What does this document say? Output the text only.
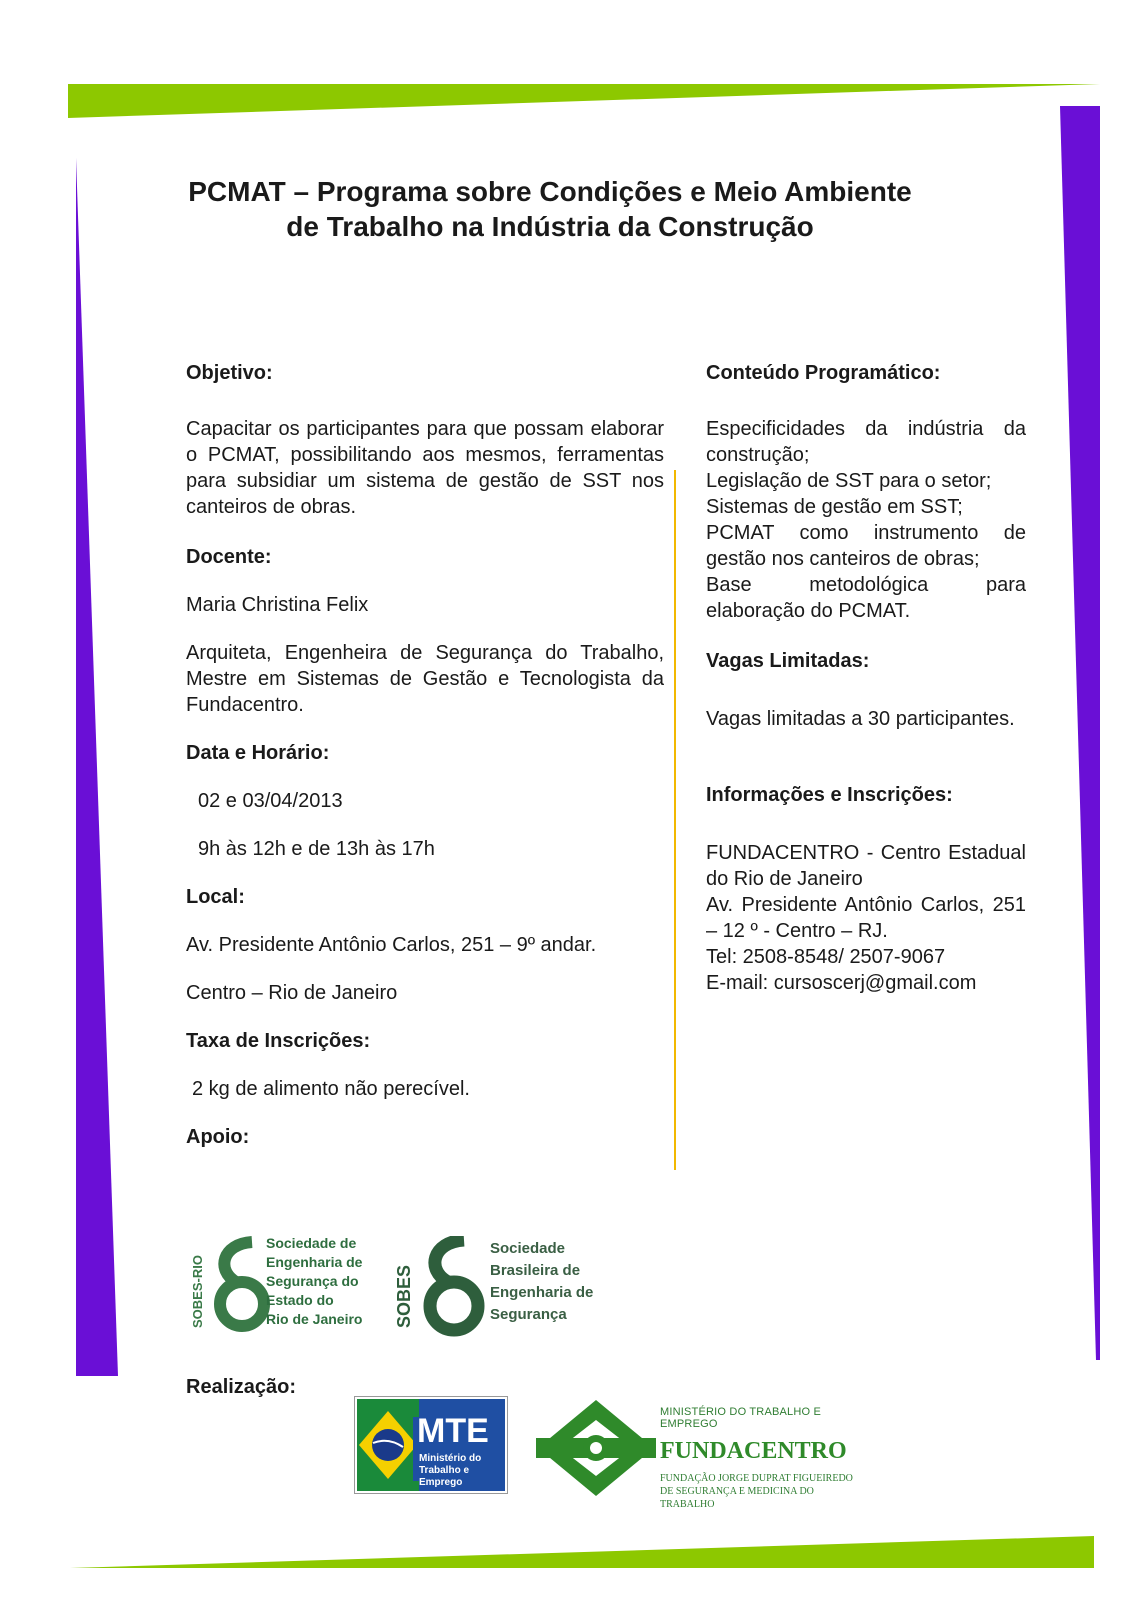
PCMAT – Programa sobre Condições e Meio Ambiente
de Trabalho na Indústria da Construção
Objetivo:
Capacitar os participantes para que possam elaborar o PCMAT, possibilitando aos mesmos, ferramentas para subsidiar um sistema de gestão de SST nos canteiros de obras.
Docente:
Maria Christina Felix
Arquiteta, Engenheira de Segurança do Trabalho, Mestre em Sistemas de Gestão e Tecnologista da Fundacentro.
Data e Horário:
02 e 03/04/2013
9h às 12h e de 13h às 17h
Local:
Av. Presidente Antônio Carlos, 251 – 9º andar.
Centro – Rio de Janeiro
Taxa de Inscrições:
2 kg de alimento não perecível.
Apoio:
Conteúdo Programático:
Especificidades da indústria da construção;
Legislação de SST para o setor;
Sistemas de gestão em SST;
PCMAT como instrumento de gestão nos canteiros de obras;
Base metodológica para elaboração do PCMAT.
Vagas Limitadas:
Vagas limitadas a 30 participantes.
Informações e Inscrições:
FUNDACENTRO - Centro Estadual do Rio de Janeiro
Av. Presidente Antônio Carlos, 251 – 12 º - Centro – RJ.
Tel: 2508-8548/ 2507-9067
E-mail: cursoscerj@gmail.com
SOBES-RIO
Sociedade de
Engenharia de
Segurança do
Estado do
Rio de Janeiro SOBES
Sociedade
Brasileira de
Engenharia de
Segurança
Realização:
MTE
Ministério do
Trabalho e Emprego
MINISTÉRIO DO TRABALHO E EMPREGO
FUNDACENTRO
FUNDAÇÃO JORGE DUPRAT FIGUEIREDO
DE SEGURANÇA E MEDICINA DO TRABALHO
